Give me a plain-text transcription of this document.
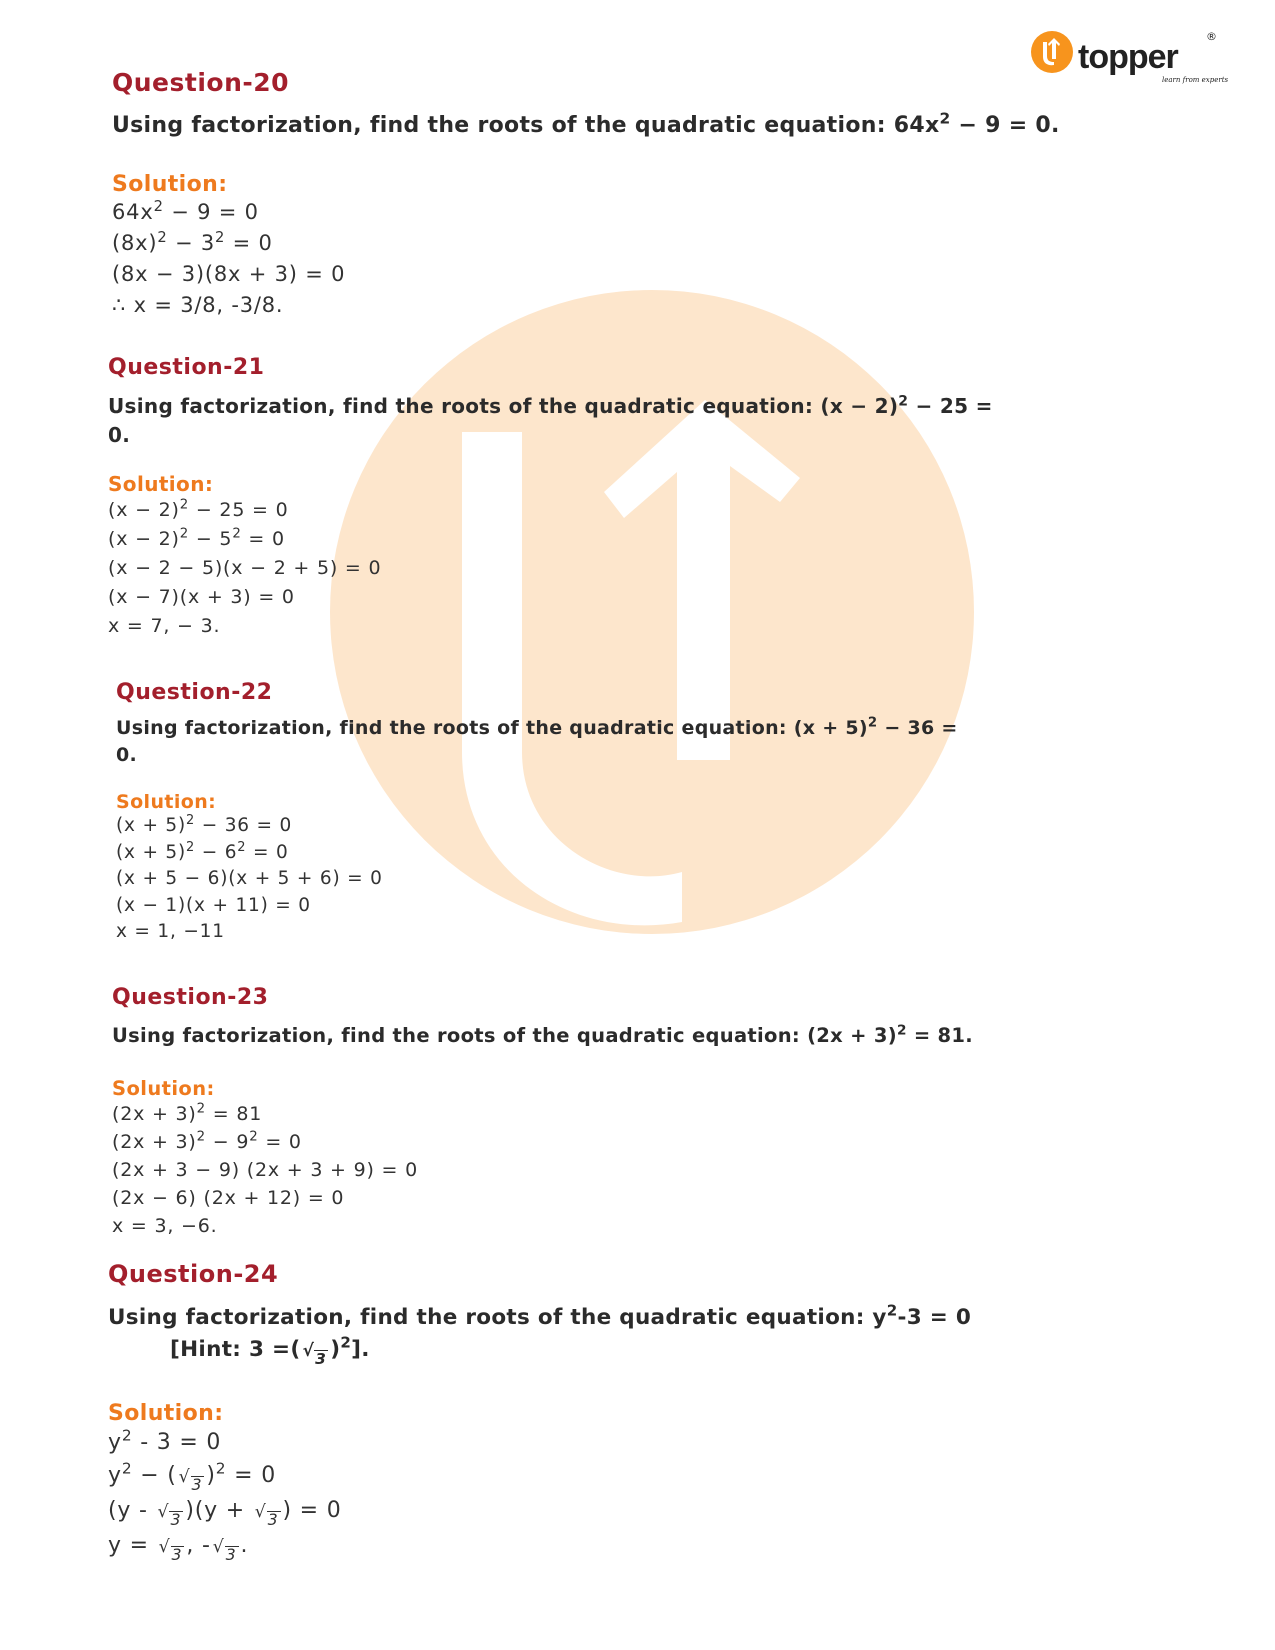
topper
®
learn from experts
Question-20
Using factorization, find the roots of the quadratic equation: $64x^2 - 9 = 0$.
Solution:
$64x^2 - 9 = 0$
$(8x)^2 - 3^2 = 0$
(8x − 3)(8x + 3) = 0
∴ x = 3/8, -3/8.
Question-21
Using factorization, find the roots of the quadratic equation: $(x - 2)^2 - 25$ =
0.
Solution:
$(x - 2)^2 - 25 = 0$
$(x - 2)^2 - 5^2 = 0$
(x − 2 − 5)(x − 2 + 5) = 0
(x − 7)(x + 3) = 0
x = 7, − 3.
Question-22
Using factorization, find the roots of the quadratic equation: $(x + 5)^2 - 36$ =
0.
Solution:
$(x + 5)^2 - 36 = 0$
$(x + 5)^2 - 6^2 = 0$
(x + 5 − 6)(x + 5 + 6) = 0
(x − 1)(x + 11) = 0
x = 1, −11
Question-23
Using factorization, find the roots of the quadratic equation: $(2x + 3)^2 = 81$.
Solution:
$(2x + 3)^2 = 81$
$(2x + 3)^2 - 9^2 = 0$
(2x + 3 − 9) (2x + 3 + 9) = 0
(2x − 6) (2x + 12) = 0
x = 3, −6.
Question-24
Using factorization, find the roots of the quadratic equation: $y^2-3 = 0$
[Hint: 3 =( √ 3 )$^2$].
Solution:
$y^2 - 3 = 0$
$y^2$ − ( √ 3 )$^2$ = 0
(y - √ 3 )(y + √ 3 ) = 0
y = √ 3 , - √ 3 .
